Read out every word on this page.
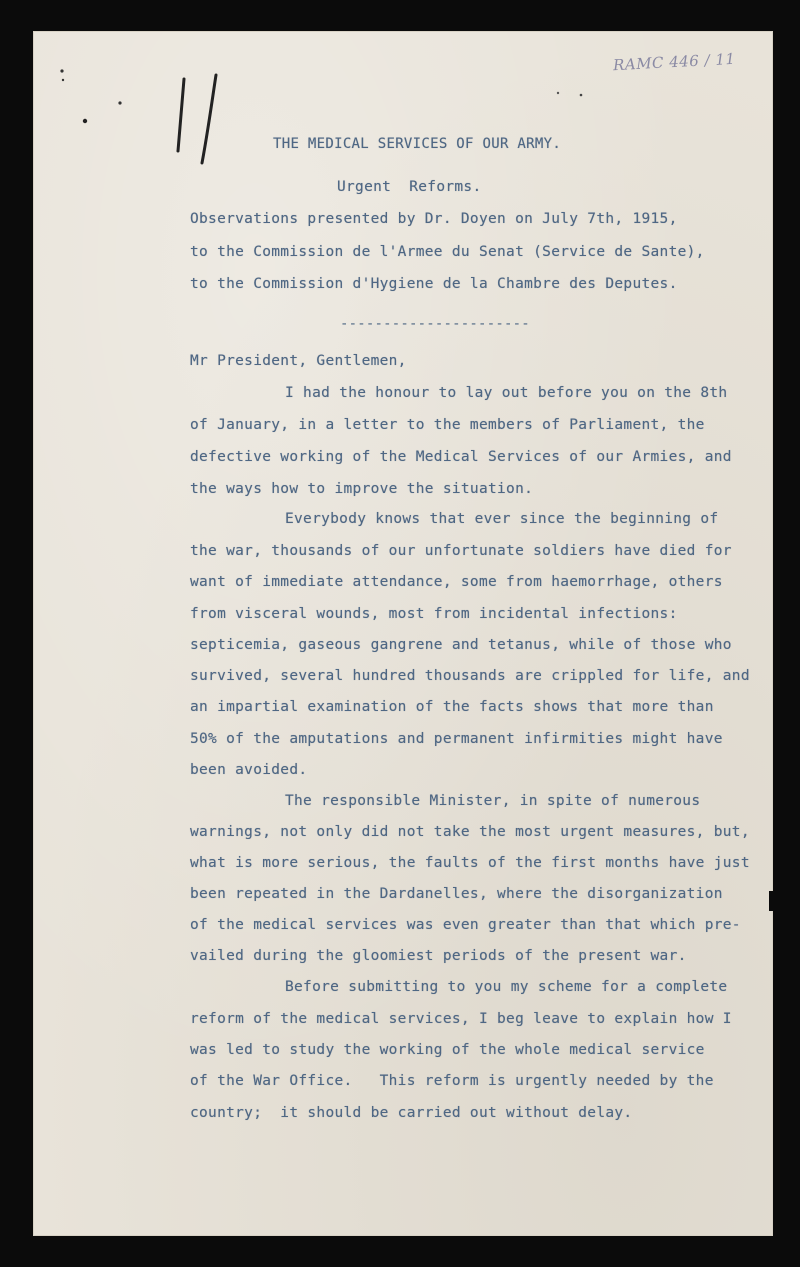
RAMC 446 / 11
THE MEDICAL SERVICES OF OUR ARMY.
Urgent  Reforms.
Observations presented by Dr. Doyen on July 7th, 1915,
to the Commission de l'Armee du Senat (Service de Sante),
to the Commission d'Hygiene de la Chambre des Deputes.
----------------------
Mr President, Gentlemen,
I had the honour to lay out before you on the 8th
of January, in a letter to the members of Parliament, the
defective working of the Medical Services of our Armies, and
the ways how to improve the situation.
Everybody knows that ever since the beginning of
the war, thousands of our unfortunate soldiers have died for
want of immediate attendance, some from haemorrhage, others
from visceral wounds, most from incidental infections:
septicemia, gaseous gangrene and tetanus, while of those who
survived, several hundred thousands are crippled for life, and
an impartial examination of the facts shows that more than
50% of the amputations and permanent infirmities might have
been avoided.
The responsible Minister, in spite of numerous
warnings, not only did not take the most urgent measures, but,
what is more serious, the faults of the first months have just
been repeated in the Dardanelles, where the disorganization
of the medical services was even greater than that which pre-
vailed during the gloomiest periods of the present war.
Before submitting to you my scheme for a complete
reform of the medical services, I beg leave to explain how I
was led to study the working of the whole medical service
of the War Office.   This reform is urgently needed by the
country;  it should be carried out without delay.
